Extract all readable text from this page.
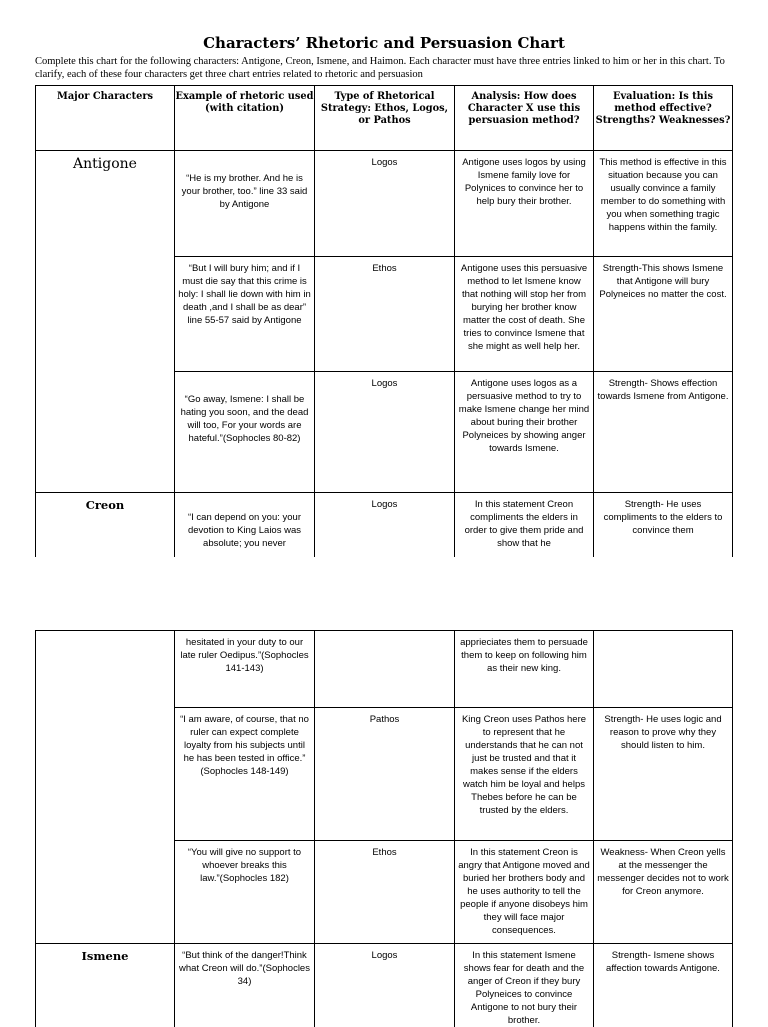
Characters’ Rhetoric and Persuasion Chart
Complete this chart for the following characters: Antigone, Creon, Ismene, and Haimon. Each character must have three entries linked to him or her in this chart. To clarify, each of these four characters get three chart entries related to rhetoric and persuasion
Major Characters	Example of rhetoric used (with citation)	Type of Rhetorical Strategy: Ethos, Logos, or Pathos	Analysis: How does Character X use this persuasion method?	Evaluation: Is this method effective? Strengths? Weaknesses?
Antigone	“He is my brother. And he is your brother, too.” line 33 said by Antigone	Logos	Antigone uses logos by using Ismene family love for Polynices to convince her to help bury their brother.	This method is effective in this situation because you can usually convince a family member to do something with you when something tragic happens within the family.
	“But I will bury him; and if I must die say that this crime is holy: I shall lie down with him in death ,and I shall be as dear” line 55-57 said by Antigone	Ethos	Antigone uses this persuasive method to let Ismene know that nothing will stop her from burying her brother know matter the cost of death. She tries to convince Ismene that she might as well help her.	Strength-This shows Ismene that Antigone will bury Polyneices no matter the cost.
	“Go away, Ismene: I shall be hating you soon, and the dead will too, For your words are hateful.”(Sophocles 80-82)	Logos	Antigone uses logos as a persuasive method to try to make Ismene change her mind about buring their brother Polyneices by showing anger towards Ismene.	Strength- Shows effection towards Ismene from Antigone.
Creon	“I can depend on you: your devotion to King Laios was absolute; you never	Logos	In this statement Creon compliments the elders in order to give them pride and show that he	Strength- He uses compliments to the elders to convince them
	hesitated in your duty to our late ruler Oedipus.”(Sophocles 141-143)		apprieciates them to persuade them to keep on following him as their new king.	
	“I am aware, of course, that no ruler can expect complete loyalty from his subjects until he has been tested in office.” (Sophocles 148-149)	Pathos	King Creon uses Pathos here to represent that he understands that he can not just be trusted and that it makes sense if the elders watch him be loyal and helps Thebes before he can be trusted by the elders.	Strength- He uses logic and reason to prove why they should listen to him.
	“You will give no support to whoever breaks this law.”(Sophocles 182)	Ethos	In this statement Creon is angry that Antigone moved and buried her brothers body and he uses authority to tell the people if anyone disobeys him they will face major consequences.	Weakness- When Creon yells at the messenger the messenger decides not to work for Creon anymore.
Ismene	“But think of the danger!Think what Creon will do.”(Sophocles 34)	Logos	In this statement Ismene shows fear for death and the anger of Creon if they bury Polyneices to convince Antigone to not bury their brother.	Strength- Ismene shows affection towards Antigone.
